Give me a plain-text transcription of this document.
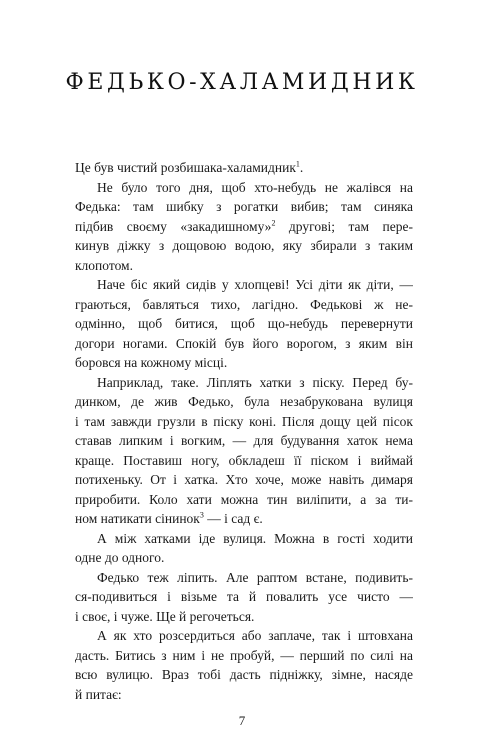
ФЕДЬКО-ХАЛАМИДНИК
Це був чистий розбишака-халамидник$^1$.
Не було того дня, щоб хто-небудь не жалівся на
Федька: там шибку з рогатки вибив; там синяка
підбив своєму «закадишному»$^2$ другові; там пере-
кинув діжку з дощовою водою, яку збирали з таким
клопотом.
Наче біс який сидів у хлопцеві! Усі діти як діти, —
граються, бавляться тихо, лагідно. Федькові ж не-
одмінно, щоб битися, щоб що-небудь перевернути
догори ногами. Спокій був його ворогом, з яким він
боровся на кожному місці.
Наприклад, таке. Ліплять хатки з піску. Перед бу-
динком, де жив Федько, була незабрукована вулиця
і там завжди грузли в піску коні. Після дощу цей пісок
ставав липким і вогким, — для будування хаток нема
краще. Поставиш ногу, обкладеш її піском і виймай
потихеньку. От і хатка. Хто хоче, може навіть димаря
приробити. Коло хати можна тин виліпити, а за ти-
ном натикати сінинок$^3$ — і сад є.
А між хатками іде вулиця. Можна в гості ходити
одне до одного.
Федько теж ліпить. Але раптом встане, подивить-
ся-подивиться і візьме та й повалить усе чисто —
і своє, і чуже. Ще й регочеться.
А як хто розсердиться або заплаче, так і штовхана
дасть. Битись з ним і не пробуй, — перший по силі на
всю вулицю. Враз тобі дасть підніжку, зімне, насяде
й питає:
7
